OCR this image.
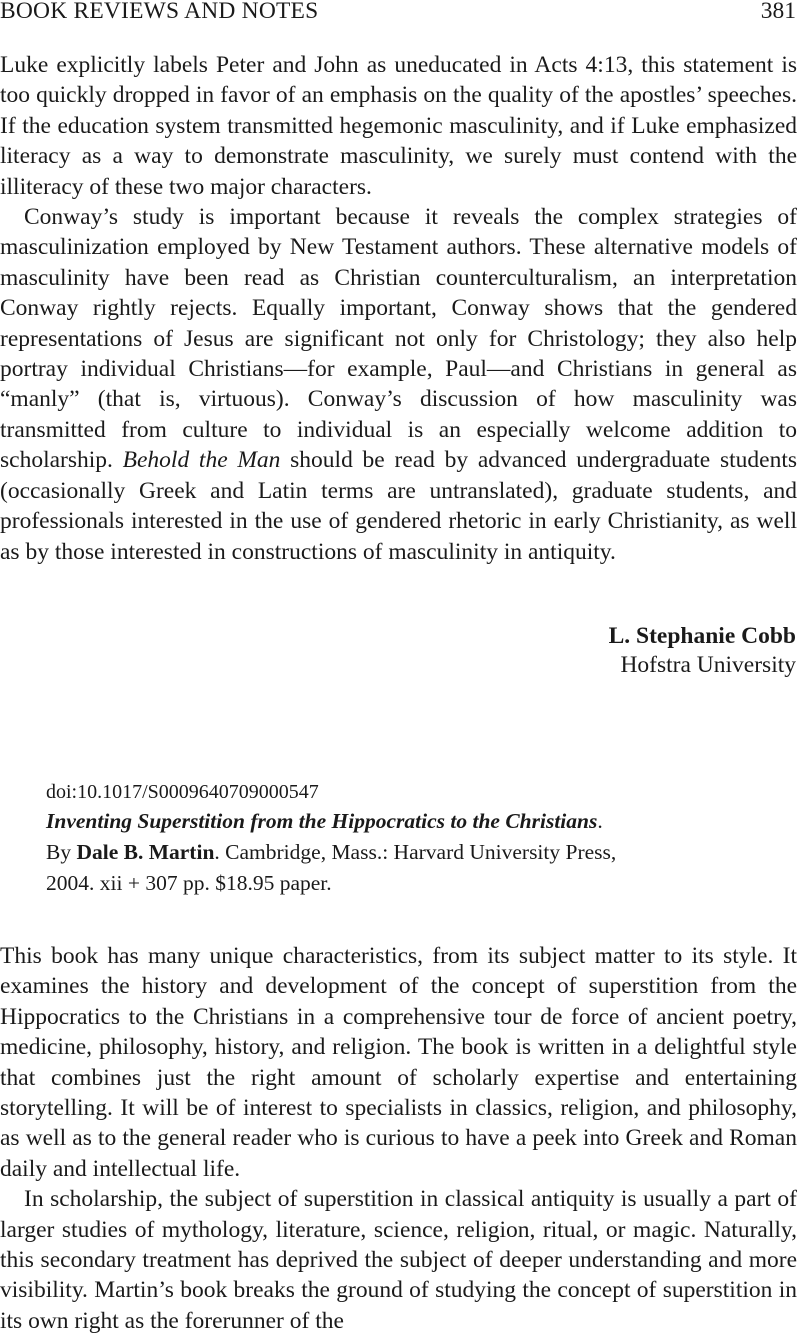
BOOK REVIEWS AND NOTES	381

Luke explicitly labels Peter and John as uneducated in Acts 4:13, this statement is too quickly dropped in favor of an emphasis on the quality of the apostles’ speeches. If the education system transmitted hegemonic masculinity, and if Luke emphasized literacy as a way to demonstrate masculinity, we surely must contend with the illiteracy of these two major characters.

Conway’s study is important because it reveals the complex strategies of masculinization employed by New Testament authors. These alternative models of masculinity have been read as Christian counterculturalism, an interpretation Conway rightly rejects. Equally important, Conway shows that the gendered representations of Jesus are significant not only for Christology; they also help portray individual Christians—for example, Paul—and Christians in general as “manly” (that is, virtuous). Conway’s discussion of how masculinity was transmitted from culture to individual is an especially welcome addition to scholarship. Behold the Man should be read by advanced undergraduate students (occasionally Greek and Latin terms are untranslated), graduate students, and professionals interested in the use of gendered rhetoric in early Christianity, as well as by those interested in constructions of masculinity in antiquity.

L. Stephanie Cobb
Hofstra University
doi:10.1017/S0009640709000547
Inventing Superstition from the Hippocratics to the Christians.
By Dale B. Martin. Cambridge, Mass.: Harvard University Press,
2004. xii + 307 pp. $18.95 paper.

This book has many unique characteristics, from its subject matter to its style. It examines the history and development of the concept of superstition from the Hippocratics to the Christians in a comprehensive tour de force of ancient poetry, medicine, philosophy, history, and religion. The book is written in a delightful style that combines just the right amount of scholarly expertise and entertaining storytelling. It will be of interest to specialists in classics, religion, and philosophy, as well as to the general reader who is curious to have a peek into Greek and Roman daily and intellectual life.

In scholarship, the subject of superstition in classical antiquity is usually a part of larger studies of mythology, literature, science, religion, ritual, or magic. Naturally, this secondary treatment has deprived the subject of deeper understanding and more visibility. Martin’s book breaks the ground of studying the concept of superstition in its own right as the forerunner of the
